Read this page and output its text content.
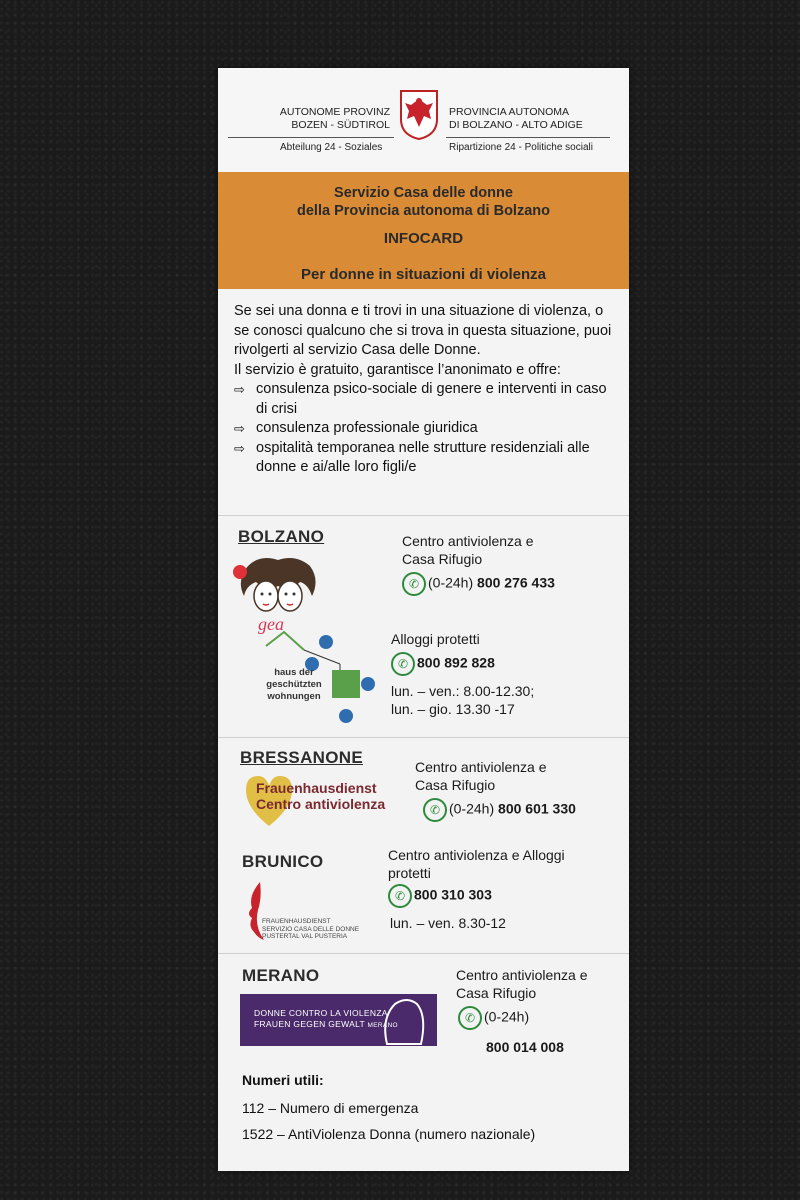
AUTONOME PROVINZ
BOZEN - SÜDTIROL
PROVINCIA AUTONOMA
DI BOLZANO - ALTO ADIGE
Abteilung 24 - Soziales	Ripartizione 24 - Politiche sociali
Servizio Casa delle donne
della Provincia autonoma di Bolzano
INFOCARD
Per donne in situazioni di violenza

Se sei una donna e ti trovi in una situazione di violenza, o se conosci qualcuno che si trova in questa situazione, puoi rivolgerti al servizio Casa delle Donne.

Il servizio è gratuito, garantisce l’anonimato e offre:

⇨ consulenza psico-sociale di genere e interventi in caso di crisi
⇨ consulenza professionale giuridica
⇨ ospitalità temporanea nelle strutture residenziali alle donne e ai/alle loro figli/e
BOLZANO
gea
Centro antiviolenza e Casa Rifugio
✆ (0-24h) 800 276 433
haus der
geschützten
wohnungen
Alloggi protetti
✆ 800 892 828
lun. – ven.: 8.00-12.30;
lun. – gio. 13.30 -17
BRESSANONE
Frauenhausdienst
Centro antiviolenza
Centro antiviolenza e Casa Rifugio
✆ (0-24h) 800 601 330
BRUNICO
FRAUENHAUSDIENST
SERVIZIO CASA DELLE DONNE
PUSTERTAL VAL PUSTERIA
Centro antiviolenza e Alloggi protetti
✆ 800 310 303
lun. – ven. 8.30-12
MERANO
DONNE CONTRO LA VIOLENZA
FRAUEN GEGEN GEWALT MERANO
Centro antiviolenza e Casa Rifugio
✆ (0-24h)
800 014 008
Numeri utili:
112 – Numero di emergenza
1522 – AntiViolenza Donna (numero nazionale)
